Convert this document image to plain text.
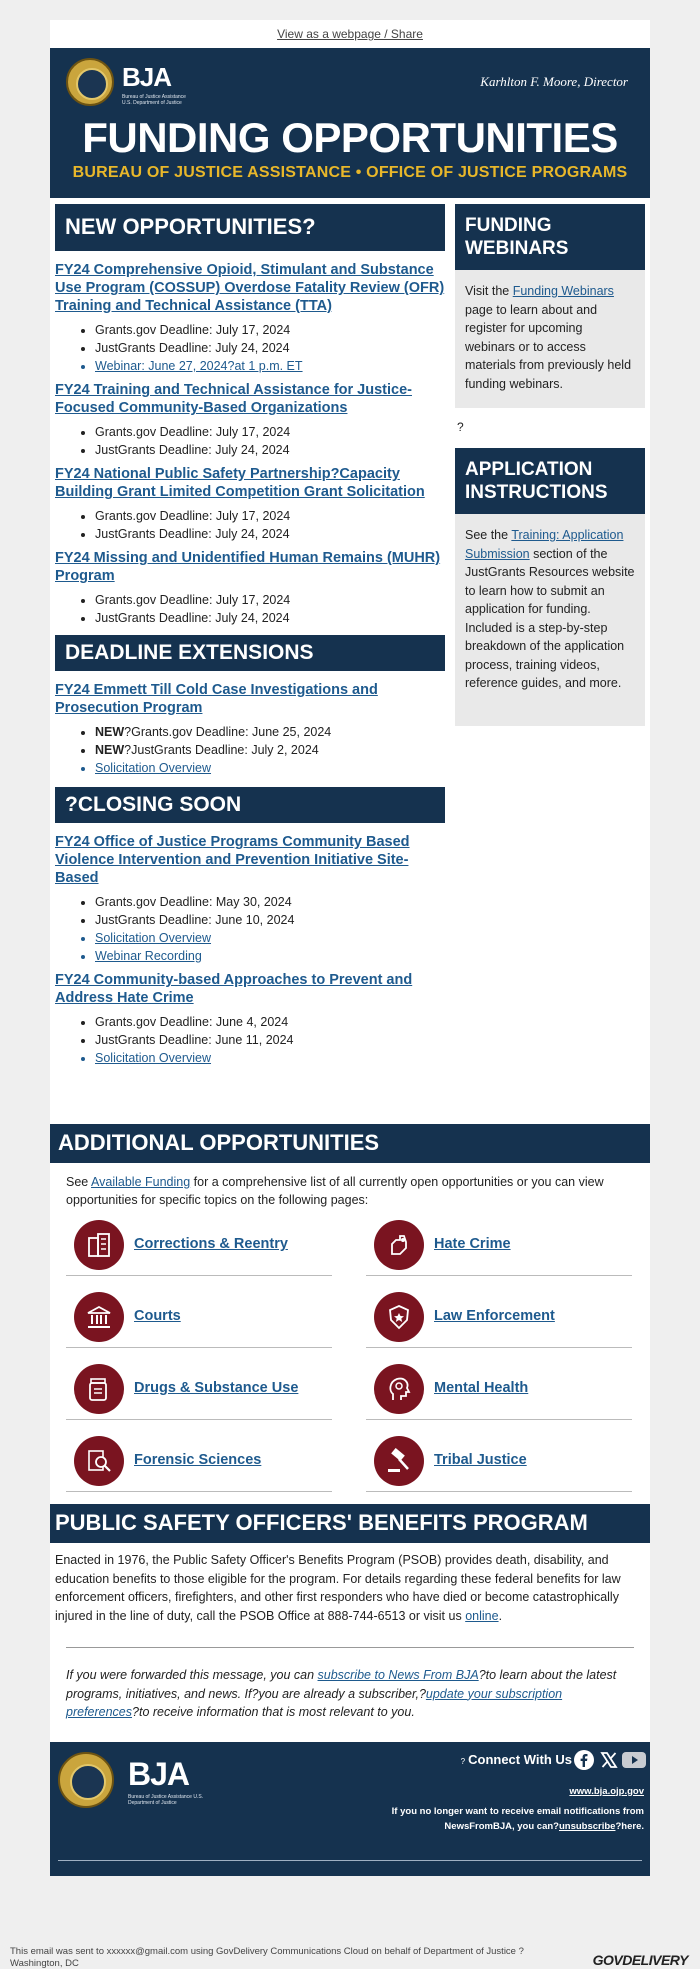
View as a webpage / Share
BJA
Bureau of Justice Assistance U.S. Department of Justice
Karhlton F. Moore, Director
FUNDING OPPORTUNITIES
BUREAU OF JUSTICE ASSISTANCE • OFFICE OF JUSTICE PROGRAMS
NEW OPPORTUNITIES?
FY24 Comprehensive Opioid, Stimulant and Substance Use Program (COSSUP) Overdose Fatality Review (OFR) Training and Technical Assistance (TTA)
• Grants.gov Deadline: July 17, 2024
• JustGrants Deadline: July 24, 2024
• Webinar: June 27, 2024?at 1 p.m. ET
FY24 Training and Technical Assistance for Justice-Focused Community-Based Organizations
• Grants.gov Deadline: July 17, 2024
• JustGrants Deadline: July 24, 2024
FY24 National Public Safety Partnership?Capacity Building Grant Limited Competition Grant Solicitation
• Grants.gov Deadline: July 17, 2024
• JustGrants Deadline: July 24, 2024
FY24 Missing and Unidentified Human Remains (MUHR) Program
• Grants.gov Deadline: July 17, 2024
• JustGrants Deadline: July 24, 2024
DEADLINE EXTENSIONS
FY24 Emmett Till Cold Case Investigations and Prosecution Program
• NEW?Grants.gov Deadline: June 25, 2024
• NEW?JustGrants Deadline: July 2, 2024
• Solicitation Overview
?CLOSING SOON
FY24 Office of Justice Programs Community Based Violence Intervention and Prevention Initiative Site-Based
• Grants.gov Deadline: May 30, 2024
• JustGrants Deadline: June 10, 2024
• Solicitation Overview
• Webinar Recording
FY24 Community-based Approaches to Prevent and Address Hate Crime
• Grants.gov Deadline: June 4, 2024
• JustGrants Deadline: June 11, 2024
• Solicitation Overview
FUNDING WEBINARS
Visit the Funding Webinars page to learn about and register for upcoming webinars or to access materials from previously held funding webinars.
?
APPLICATION INSTRUCTIONS
See the Training: Application Submission section of the JustGrants Resources website to learn how to submit an application for funding. Included is a step-by-step breakdown of the application process, training videos, reference guides, and more.
ADDITIONAL OPPORTUNITIES
See Available Funding for a comprehensive list of all currently open opportunities or you can view opportunities for specific topics on the following pages:
Corrections & Reentry	Hate Crime
Courts	Law Enforcement
Drugs & Substance Use	Mental Health
Forensic Sciences	Tribal Justice
PUBLIC SAFETY OFFICERS' BENEFITS PROGRAM
Enacted in 1976, the Public Safety Officer's Benefits Program (PSOB) provides death, disability, and education benefits to those eligible for the program. For details regarding these federal benefits for law enforcement officers, firefighters, and other first responders who have died or become catastrophically injured in the line of duty, call the PSOB Office at 888-744-6513 or visit us online.
If you were forwarded this message, you can subscribe to News From BJA?to learn about the latest programs, initiatives, and news. If?you are already a subscriber,?update your subscription preferences?to receive information that is most relevant to you.
BJA
Bureau of Justice Assistance U.S. Department of Justice
? Connect With Us
www.bja.ojp.gov
If you no longer want to receive email notifications from NewsFromBJA, you can?unsubscribe?here.
This email was sent to xxxxxx@gmail.com using GovDelivery Communications Cloud on behalf of Department of Justice ? Washington, DC	GOVDELIVERY
